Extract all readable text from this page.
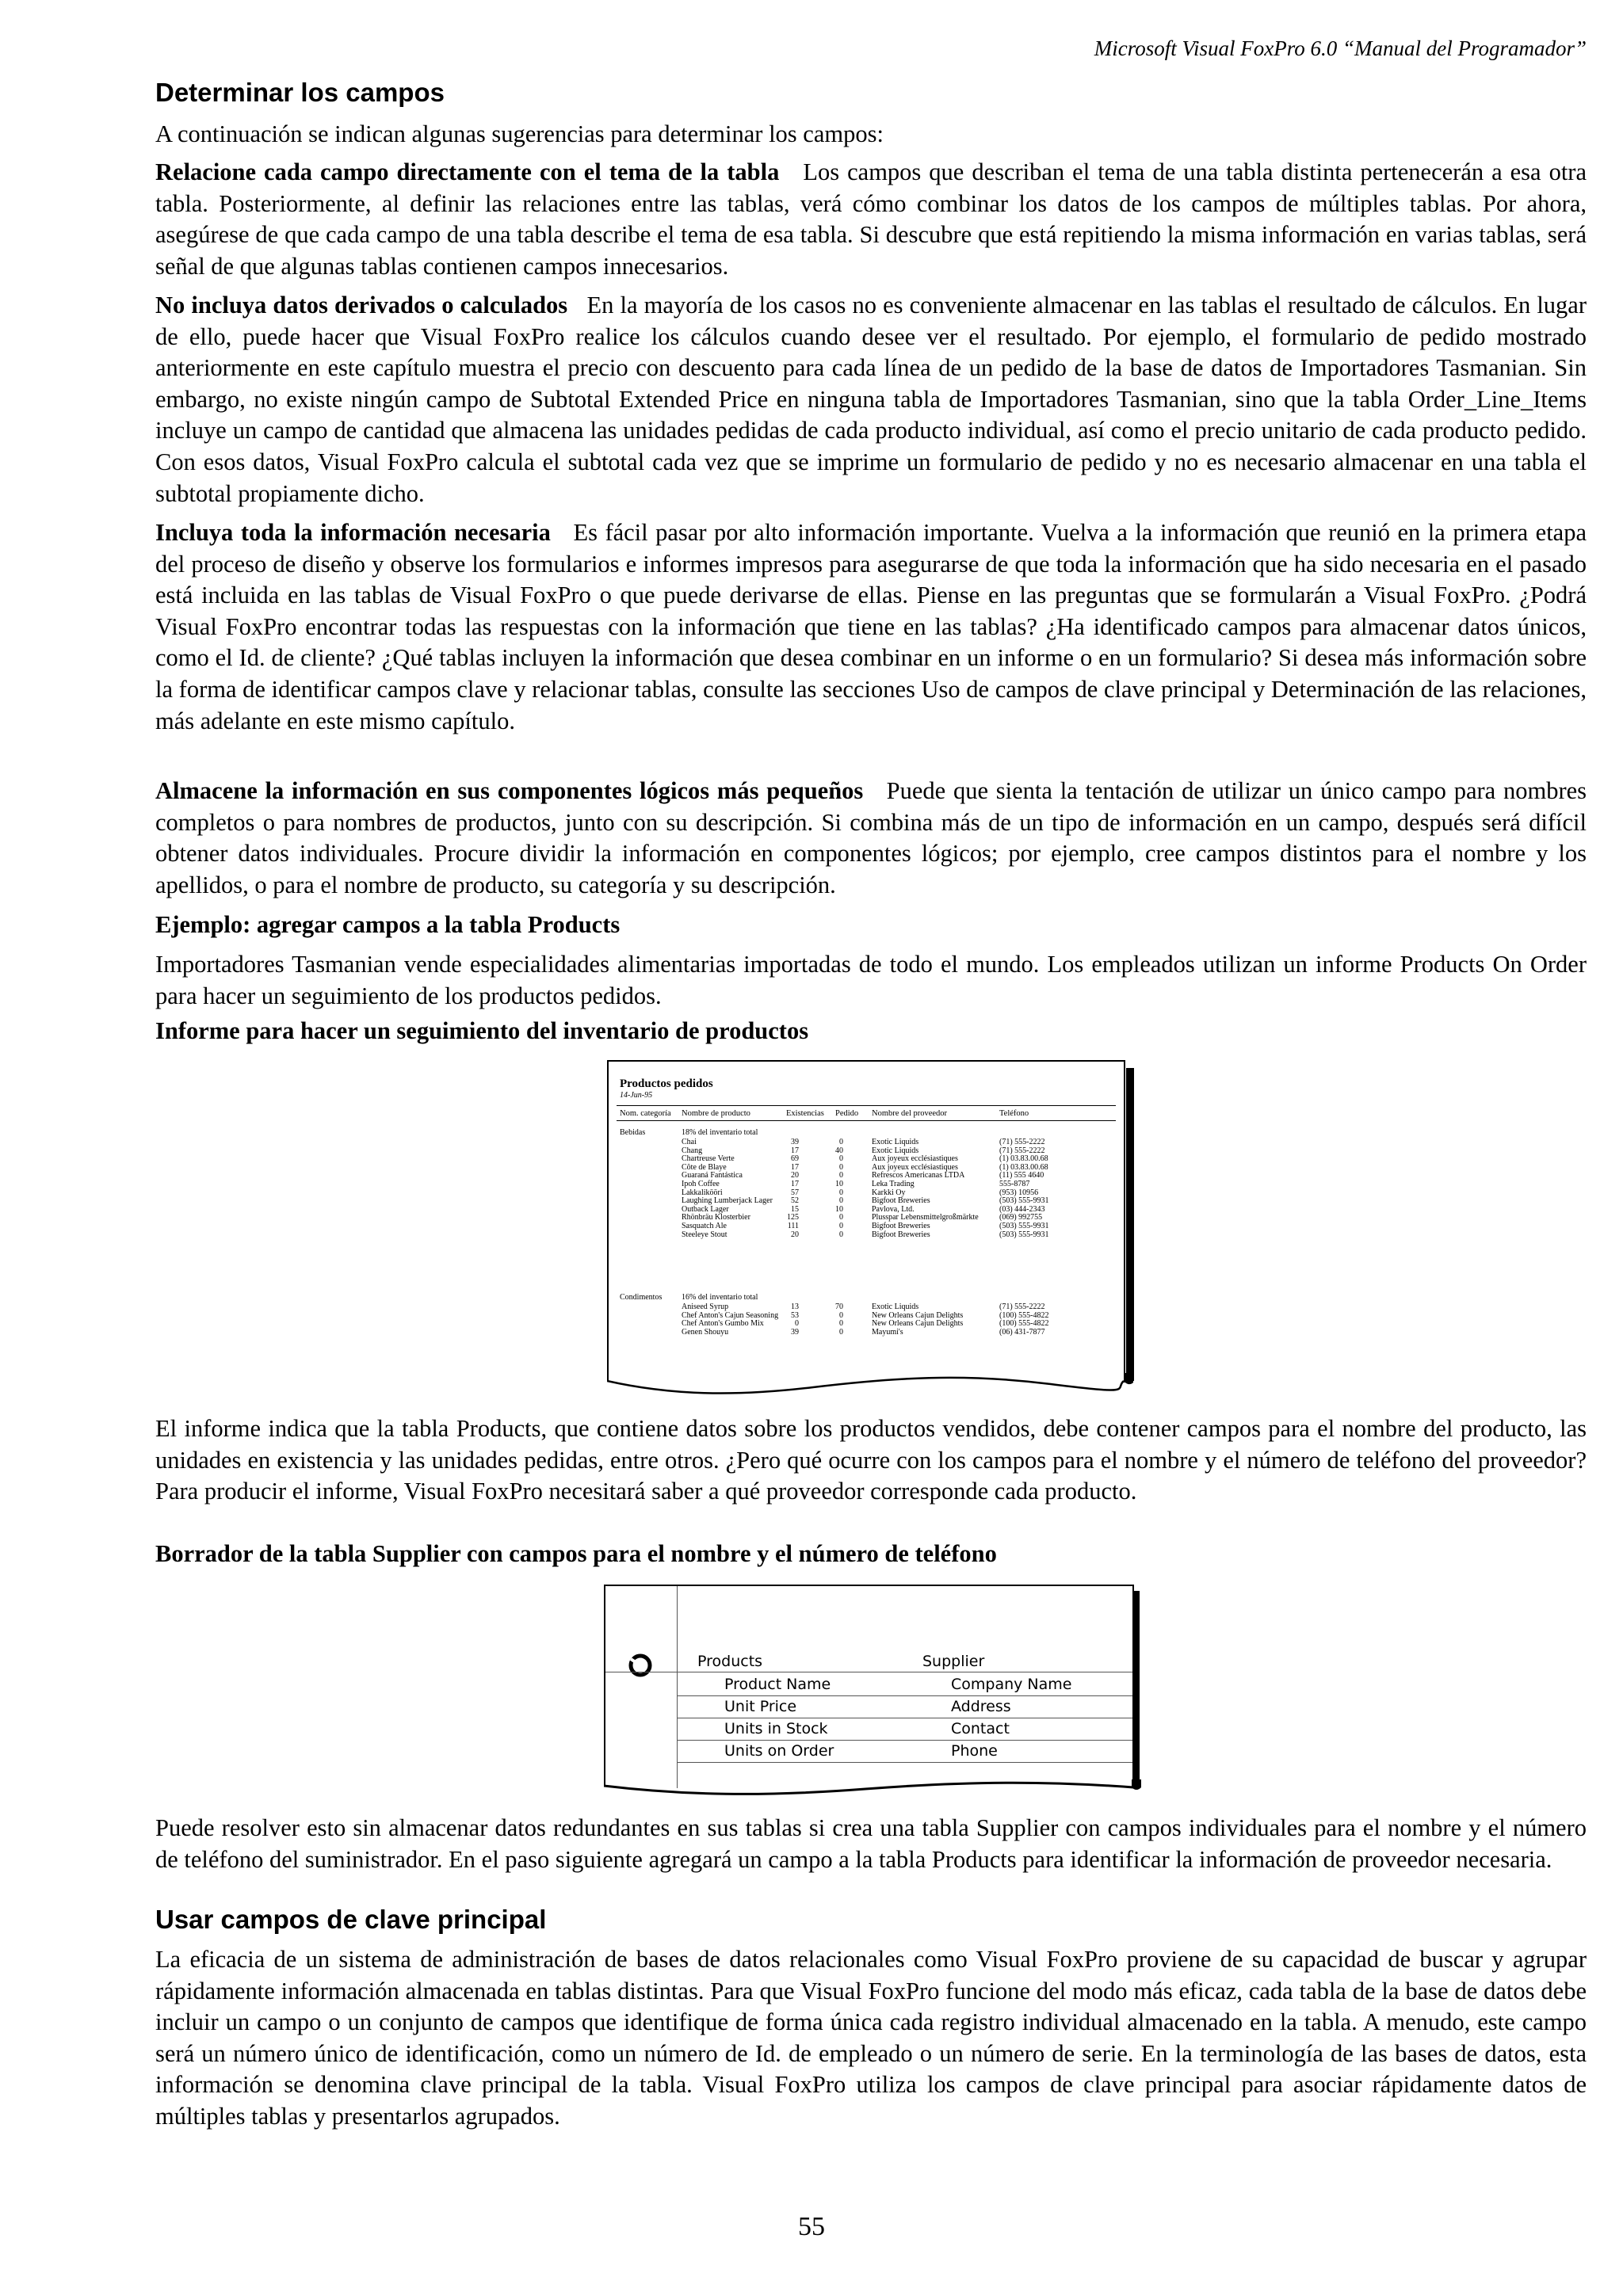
Microsoft Visual FoxPro 6.0 “Manual del Programador”
Determinar los campos

A continuación se indican algunas sugerencias para determinar los campos:

Relacione cada campo directamente con el tema de la tabla Los campos que describan el tema de una tabla distinta pertenecerán a esa otra tabla. Posteriormente, al definir las relaciones entre las tablas, verá cómo combinar los datos de los campos de múltiples tablas. Por ahora, asegúrese de que cada campo de una tabla describe el tema de esa tabla. Si descubre que está repitiendo la misma información en varias tablas, será señal de que algunas tablas contienen campos innecesarios.

No incluya datos derivados o calculados En la mayoría de los casos no es conveniente almacenar en las tablas el resultado de cálculos. En lugar de ello, puede hacer que Visual FoxPro realice los cálculos cuando desee ver el resultado. Por ejemplo, el formulario de pedido mostrado anteriormente en este capítulo muestra el precio con descuento para cada línea de un pedido de la base de datos de Importadores Tasmanian. Sin embargo, no existe ningún campo de Subtotal Extended Price en ninguna tabla de Importadores Tasmanian, sino que la tabla Order_Line_Items incluye un campo de cantidad que almacena las unidades pedidas de cada producto individual, así como el precio unitario de cada producto pedido. Con esos datos, Visual FoxPro calcula el subtotal cada vez que se imprime un formulario de pedido y no es necesario almacenar en una tabla el subtotal propiamente dicho.

Incluya toda la información necesaria Es fácil pasar por alto información importante. Vuelva a la información que reunió en la primera etapa del proceso de diseño y observe los formularios e informes impresos para asegurarse de que toda la información que ha sido necesaria en el pasado está incluida en las tablas de Visual FoxPro o que puede derivarse de ellas. Piense en las preguntas que se formularán a Visual FoxPro. ¿Podrá Visual FoxPro encontrar todas las respuestas con la información que tiene en las tablas? ¿Ha identificado campos para almacenar datos únicos, como el Id. de cliente? ¿Qué tablas incluyen la información que desea combinar en un informe o en un formulario? Si desea más información sobre la forma de identificar campos clave y relacionar tablas, consulte las secciones Uso de campos de clave principal y Determinación de las relaciones, más adelante en este mismo capítulo.

Almacene la información en sus componentes lógicos más pequeños Puede que sienta la tentación de utilizar un único campo para nombres completos o para nombres de productos, junto con su descripción. Si combina más de un tipo de información en un campo, después será difícil obtener datos individuales. Procure dividir la información en componentes lógicos; por ejemplo, cree campos distintos para el nombre y los apellidos, o para el nombre de producto, su categoría y su descripción.

Ejemplo: agregar campos a la tabla Products

Importadores Tasmanian vende especialidades alimentarias importadas de todo el mundo. Los empleados utilizan un informe Products On Order para hacer un seguimiento de los productos pedidos.

Informe para hacer un seguimiento del inventario de productos
Productos pedidos
14-Jun-95
Nom. categoría Nombre de producto	Existencias Pedido Nombre del proveedor	Teléfono
Bebidas	18% del inventario total
Chai	39	0	Exotic Liquids	(71) 555-2222
Chang	17	40	Exotic Liquids	(71) 555-2222
Chartreuse Verte	69	0	Aux joyeux ecclésiastiques	(1) 03.83.00.68
Côte de Blaye	17	0	Aux joyeux ecclésiastiques	(1) 03.83.00.68
Guaraná Fantástica	20	0	Refrescos Americanas LTDA	(11) 555 4640
Ipoh Coffee	17	10	Leka Trading	555-8787
Lakkalikööri	57	0	Karkki Oy	(953) 10956
Laughing Lumberjack Lager	52	0	Bigfoot Breweries	(503) 555-9931
Outback Lager	15	10	Pavlova, Ltd.	(03) 444-2343
Rhönbräu Klosterbier	125	0	Plusspar Lebensmittelgroßmärkte	(069) 992755
Sasquatch Ale	111	0	Bigfoot Breweries	(503) 555-9931
Steeleye Stout	20	0	Bigfoot Breweries	(503) 555-9931
Condimentos 16% del inventario total
Aniseed Syrup	13	70	Exotic Liquids	(71) 555-2222
Chef Anton's Cajun Seasoning	53	0	New Orleans Cajun Delights	(100) 555-4822
Chef Anton's Gumbo Mix	0	0	New Orleans Cajun Delights	(100) 555-4822
Genen Shouyu	39	0	Mayumi's	(06) 431-7877

El informe indica que la tabla Products, que contiene datos sobre los productos vendidos, debe contener campos para el nombre del producto, las unidades en existencia y las unidades pedidas, entre otros. ¿Pero qué ocurre con los campos para el nombre y el número de teléfono del proveedor? Para producir el informe, Visual FoxPro necesitará saber a qué proveedor corresponde cada producto.

Borrador de la tabla Supplier con campos para el nombre y el número de teléfono
Products	Supplier
Product Name	Company Name
Unit Price	Address
Units in Stock	Contact
Units on Order	Phone

Puede resolver esto sin almacenar datos redundantes en sus tablas si crea una tabla Supplier con campos individuales para el nombre y el número de teléfono del suministrador. En el paso siguiente agregará un campo a la tabla Products para identificar la información de proveedor necesaria.

Usar campos de clave principal

La eficacia de un sistema de administración de bases de datos relacionales como Visual FoxPro proviene de su capacidad de buscar y agrupar rápidamente información almacenada en tablas distintas. Para que Visual FoxPro funcione del modo más eficaz, cada tabla de la base de datos debe incluir un campo o un conjunto de campos que identifique de forma única cada registro individual almacenado en la tabla. A menudo, este campo será un número único de identificación, como un número de Id. de empleado o un número de serie. En la terminología de las bases de datos, esta información se denomina clave principal de la tabla. Visual FoxPro utiliza los campos de clave principal para asociar rápidamente datos de múltiples tablas y presentarlos agrupados.

55
